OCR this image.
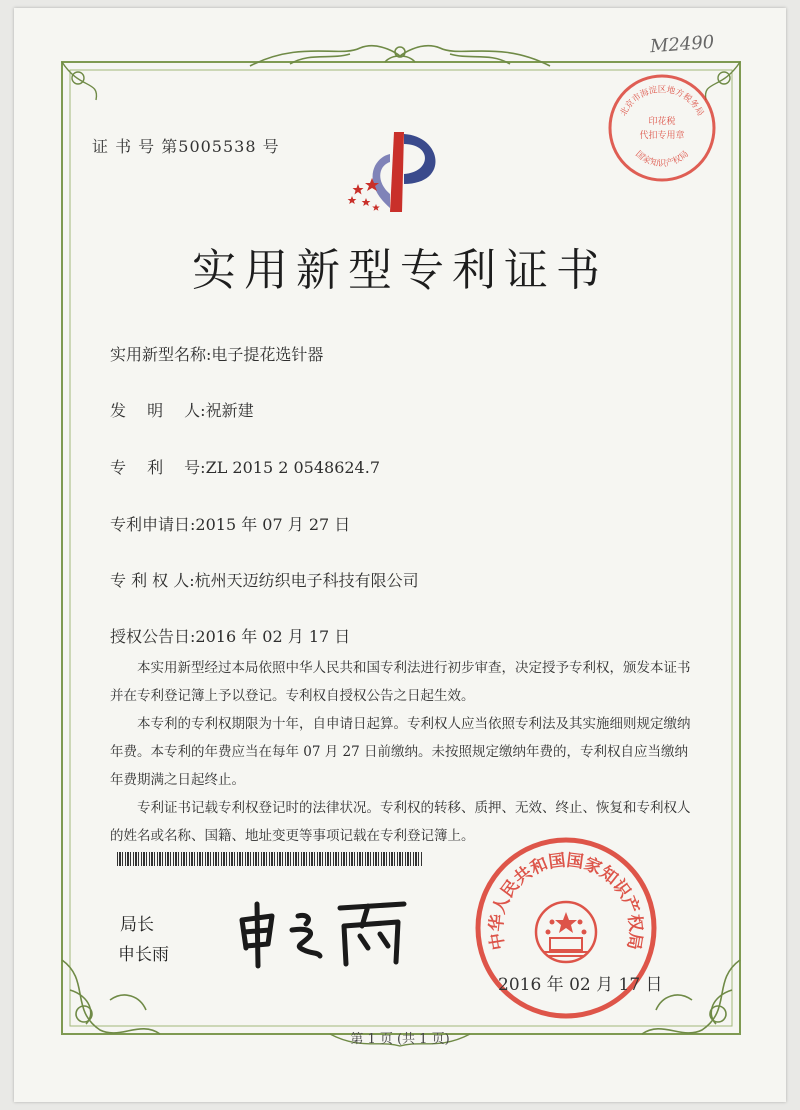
M2490
证 书 号 第5005538 号
实用新型专利证书
实用新型名称:电子提花选针器
发　 明　 人:祝新建
专　 利　 号:ZL 2015 2 0548624.7
专利申请日:2015 年 07 月 27 日
专 利 权 人:杭州天迈纺织电子科技有限公司
授权公告日:2016 年 02 月 17 日

本实用新型经过本局依照中华人民共和国专利法进行初步审查，决定授予专利权，颁发本证书并在专利登记簿上予以登记。专利权自授权公告之日起生效。

本专利的专利权期限为十年，自申请日起算。专利权人应当依照专利法及其实施细则规定缴纳年费。本专利的年费应当在每年 07 月 27 日前缴纳。未按照规定缴纳年费的，专利权自应当缴纳年费期满之日起终止。

专利证书记载专利权登记时的法律状况。专利权的转移、质押、无效、终止、恢复和专利权人的姓名或名称、国籍、地址变更等事项记载在专利登记簿上。

局长
申长雨
中华人民共和国国家知识产权局
2016 年 02 月 17 日
北京市海淀区地方税务局
印花税
代扣专用章
国家知识产权局
第 1 页 (共 1 页)
